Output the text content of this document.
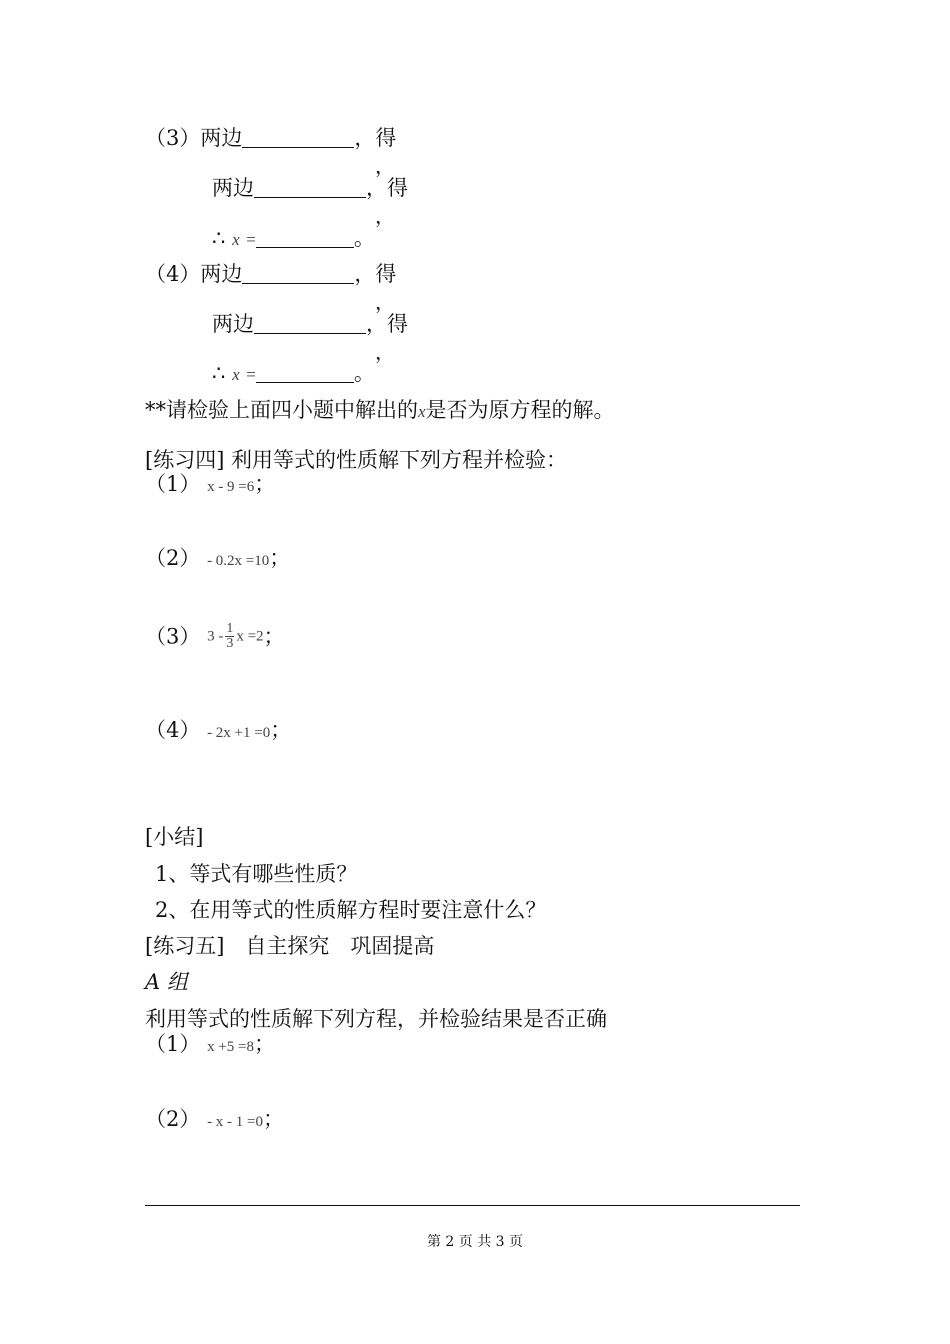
（3）两边	，得
，
两边	，得
，
∴ x =	。
（4）两边	，得
，
两边	，得
，
∴ x =	。
**请检验上面四小题中解出的x是否为原方程的解。
[练习四] 利用等式的性质解下列方程并检验：
（1） x - 9 =6；
（2） - 0.2x =10；
（3） $3 - \frac{1}{3}$ x =2；
（4） - 2x +1 =0；
[小结]
1、等式有哪些性质？
2、在用等式的性质解方程时要注意什么？
[练习五]　自主探究　巩固提高
A 组
利用等式的性质解下列方程，并检验结果是否正确
（1） x +5 =8；
（2） - x - 1 =0；
第 2 页 共 3 页
